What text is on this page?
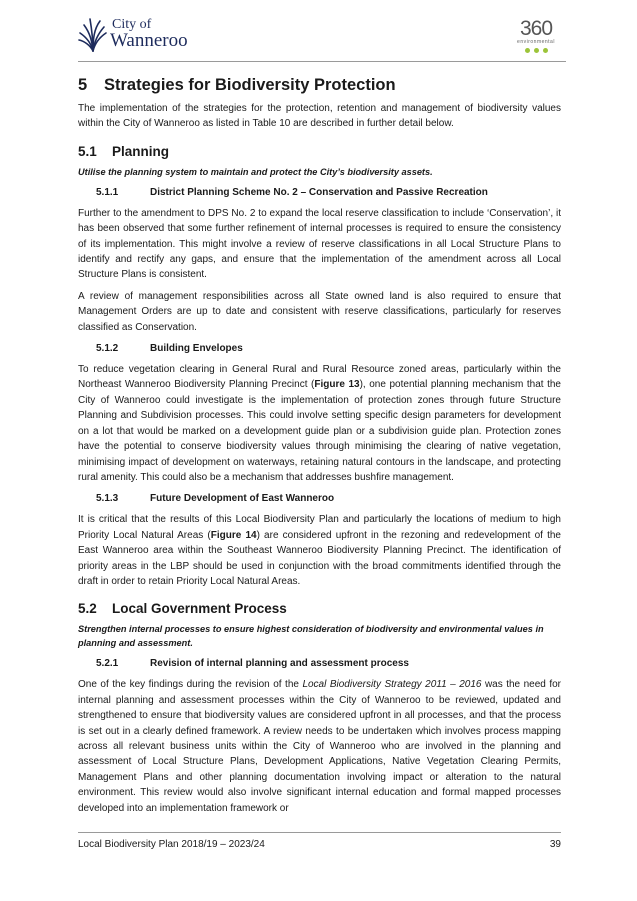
City of
Wanneroo
360
environmental
5	Strategies for Biodiversity Protection

The implementation of the strategies for the protection, retention and management of biodiversity values within the City of Wanneroo as listed in Table 10 are described in further detail below.

5.1	Planning

Utilise the planning system to maintain and protect the City’s biodiversity assets.

5.1.1	District Planning Scheme No. 2 – Conservation and Passive Recreation

Further to the amendment to DPS No. 2 to expand the local reserve classification to include ‘Conservation’, it has been observed that some further refinement of internal processes is required to ensure the consistency of its implementation. This might involve a review of reserve classifications in all Local Structure Plans to identify and rectify any gaps, and ensure that the implementation of the amendment across all Local Structure Plans is consistent.

A review of management responsibilities across all State owned land is also required to ensure that Management Orders are up to date and consistent with reserve classifications, particularly for reserves classified as Conservation.

5.1.2	Building Envelopes

To reduce vegetation clearing in General Rural and Rural Resource zoned areas, particularly within the Northeast Wanneroo Biodiversity Planning Precinct (Figure 13), one potential planning mechanism that the City of Wanneroo could investigate is the implementation of protection zones through future Structure Planning and Subdivision processes. This could involve setting specific design parameters for development on a lot that would be marked on a development guide plan or a subdivision guide plan. Protection zones have the potential to conserve biodiversity values through minimising the clearing of native vegetation, minimising impact of development on waterways, retaining natural contours in the landscape, and protecting rural amenity. This could also be a mechanism that addresses bushfire management.

5.1.3	Future Development of East Wanneroo

It is critical that the results of this Local Biodiversity Plan and particularly the locations of medium to high Priority Local Natural Areas (Figure 14) are considered upfront in the rezoning and redevelopment of the East Wanneroo area within the Southeast Wanneroo Biodiversity Planning Precinct. The identification of priority areas in the LBP should be used in conjunction with the broad commitments identified through the draft in order to retain Priority Local Natural Areas.

5.2	Local Government Process

Strengthen internal processes to ensure highest consideration of biodiversity and environmental values in planning and assessment.

5.2.1	Revision of internal planning and assessment process

One of the key findings during the revision of the Local Biodiversity Strategy 2011 – 2016 was the need for internal planning and assessment processes within the City of Wanneroo to be reviewed, updated and strengthened to ensure that biodiversity values are considered upfront in all processes, and that the process is set out in a clearly defined framework. A review needs to be undertaken which involves process mapping across all relevant business units within the City of Wanneroo who are involved in the planning and assessment of Local Structure Plans, Development Applications, Native Vegetation Clearing Permits, Management Plans and other planning documentation involving impact or alteration to the natural environment. This review would also involve significant internal education and formal mapped processes developed into an implementation framework or

Local Biodiversity Plan 2018/19 – 2023/24	39
